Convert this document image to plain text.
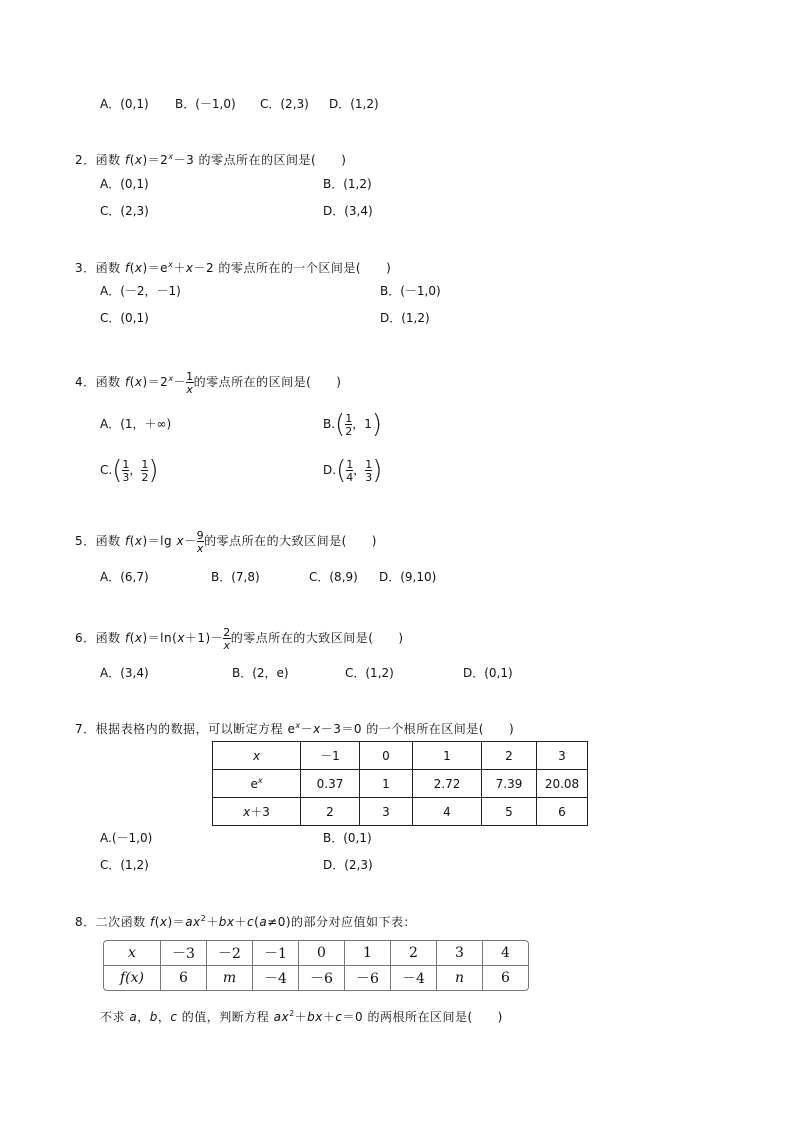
A．(0,1) B．(－1,0) C．(2,3) D．(1,2)
2．函数 $f(x)=2^x-3$ 的零点所在的区间是(　　)
A．(0,1)	B．(1,2)
C．(2,3)	D．(3,4)
3．函数 $f(x)=e^x+x-2$ 的零点所在的一个区间是(　　)
A．(－2，－1)	B．(－1,0)
C．(0,1)	D．(1,2)
4．函数 $f(x)=2^x- \frac{1}{x}$ 的零点所在的区间是(　　)
A．(1，＋∞)	$B.( \frac{1}{2}$ ，1)
$C.( \frac{1}{3}$ ， $\frac{1}{2}$ )	$D.( \frac{1}{4}$ ， $\frac{1}{3}$ )
5．函数 f(x)＝lg $x- \frac{9}{x}$ 的零点所在的大致区间是(　　)
A．(6,7)	B．(7,8)	C．(8,9) D．(9,10)
6．函数 $f(x)=\ln(x+1)- \frac{2}{x}$ 的零点所在的大致区间是(　　)
A．(3,4)	B．(2，e)	C．(1,2)	D．(0,1)
7．根据表格内的数据，可以断定方程 $e^x-x-3=0$ 的一个根所在区间是(　　)
x	－1	0	1	2	3
$e^x$	0.37	1	2.72	7.39	20.08
x＋3	2	3	4	5	6
A.(－1,0)	B．(0,1)
C．(1,2)	D．(2,3)
8．二次函数 $f(x)=ax^2+bx+c(a\ne 0)$的部分对应值如下表：
x	－3	－2	－1	0	1	2	3	4
f(x)	6	m	－4	－6	－6	－4	n	6
不求 a，b，c 的值，判断方程 $ax^2+bx+c=0$ 的两根所在区间是(　　)
